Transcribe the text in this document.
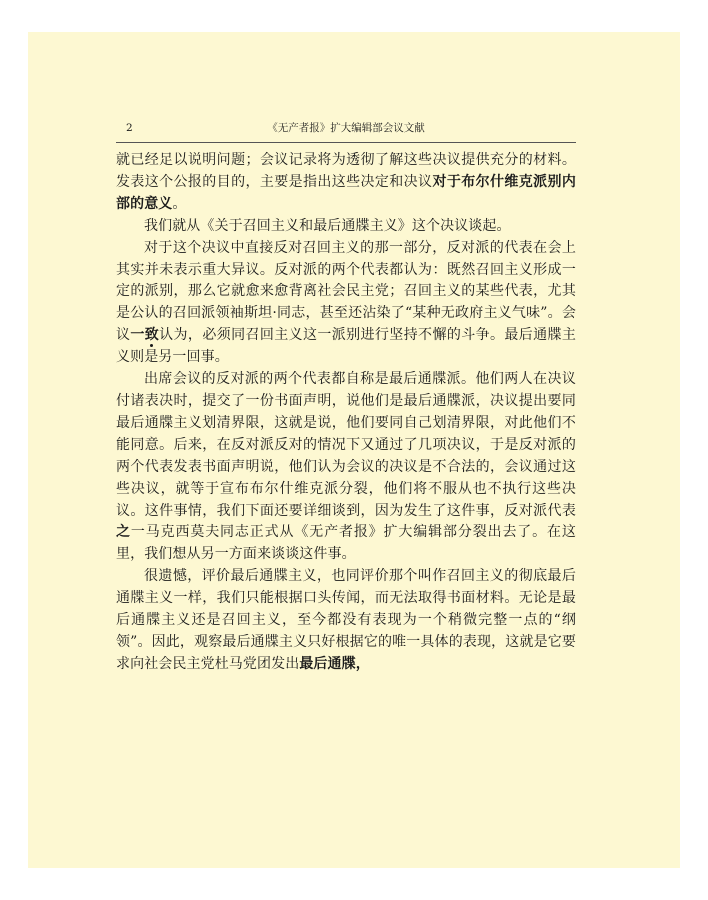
2	《无产者报》扩大编辑部会议文献

就已经足以说明问题；会议记录将为透彻了解这些决议提供充分的材料。发表这个公报的目的，主要是指出这些决定和决议对于布尔什维克派别内部的意义。

我们就从《关于召回主义和最后通牒主义》这个决议谈起。

对于这个决议中直接反对召回主义的那一部分，反对派的代表在会上其实并未表示重大异议。反对派的两个代表都认为：既然召回主义形成一定的派别，那么它就愈来愈背离社会民主党；召回主义的某些代表，尤其是公认的召回派领袖斯坦·同志，甚至还沾染了“某种无政府主义气味”。会议一致认为，必须同召回主义这一派别进行坚持不懈的斗争。最后通牒主义则是另一回事。

出席会议的反对派的两个代表都自称是最后通牒派。他们两人在决议付诸表决时，提交了一份书面声明，说他们是最后通牒派，决议提出要同最后通牒主义划清界限，这就是说，他们要同自己划清界限，对此他们不能同意。后来，在反对派反对的情况下又通过了几项决议，于是反对派的两个代表发表书面声明说，他们认为会议的决议是不合法的，会议通过这些决议，就等于宣布布尔什维克派分裂，他们将不服从也不执行这些决议。这件事情，我们下面还要详细谈到，因为发生了这件事，反对派代表之一马克西莫夫同志正式从《无产者报》扩大编辑部分裂出去了。在这里，我们想从另一方面来谈谈这件事。

很遗憾，评价最后通牒主义，也同评价那个叫作召回主义的彻底最后通牒主义一样，我们只能根据口头传闻，而无法取得书面材料。无论是最后通牒主义还是召回主义，至今都没有表现为一个稍微完整一点的“纲领”。因此，观察最后通牒主义只好根据它的唯一具体的表现，这就是它要求向社会民主党杜马党团发出最后通牒，
